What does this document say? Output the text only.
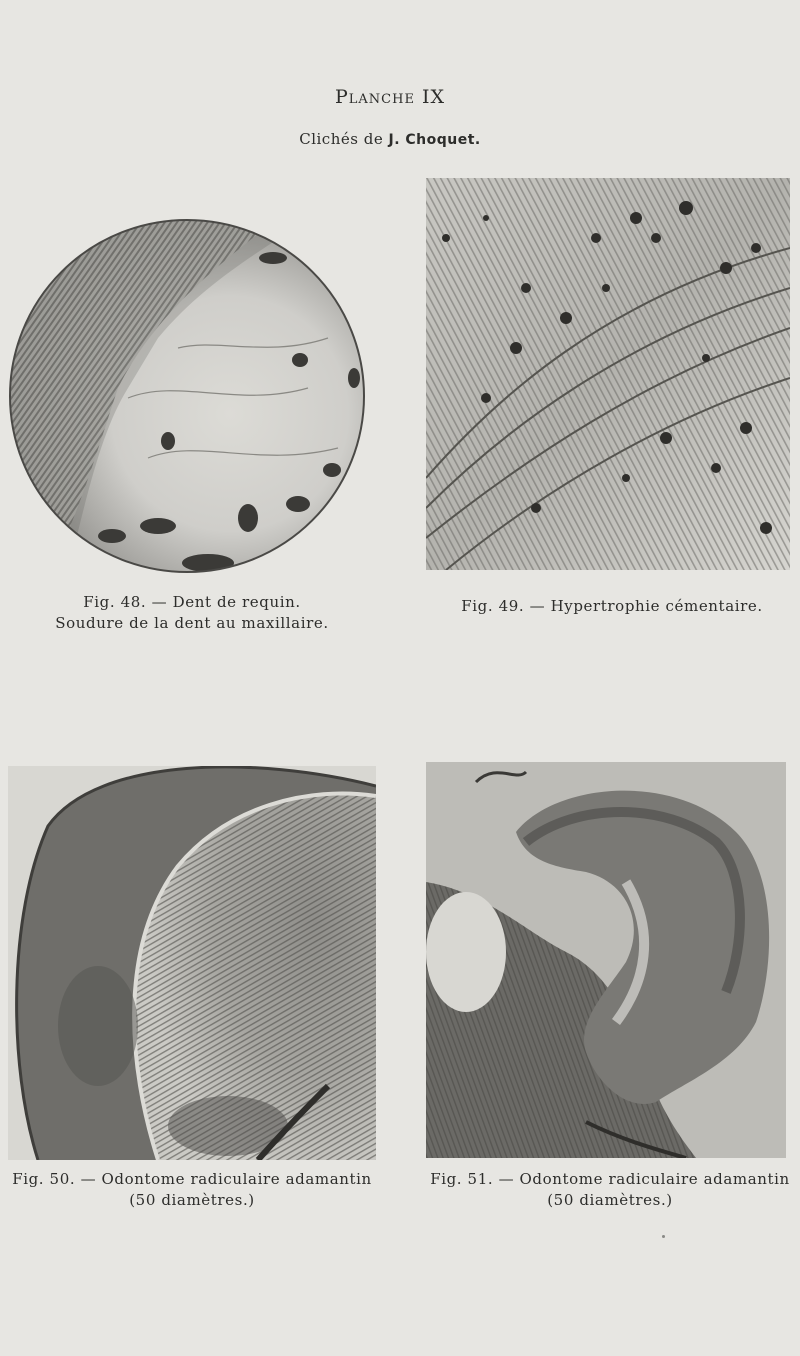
Planche IX
Clichés de J. Choquet.
Fig. 48. — Dent de requin.
Soudure de la dent au maxillaire.
Fig. 49. — Hypertrophie cémentaire.
Fig. 50. — Odontome radiculaire adamantin
(50 diamètres.)
Fig. 51. — Odontome radiculaire adamantin
(50 diamètres.)
